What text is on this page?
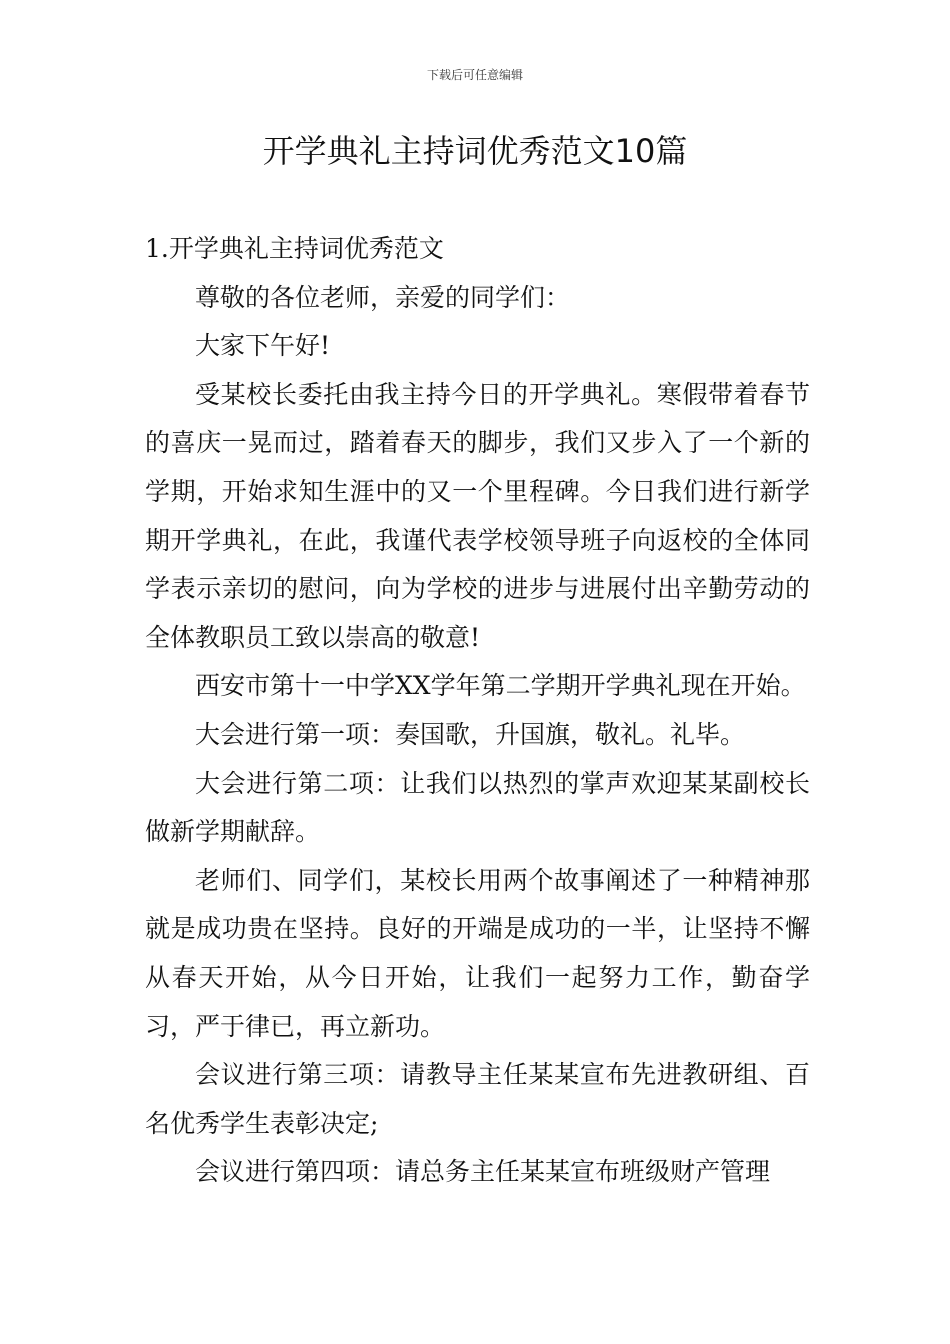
下载后可任意编辑
开学典礼主持词优秀范文10篇

1.开学典礼主持词优秀范文

尊敬的各位老师，亲爱的同学们：

大家下午好!

受某校长委托由我主持今日的开学典礼。寒假带着春节的喜庆一晃而过，踏着春天的脚步，我们又步入了一个新的学期，开始求知生涯中的又一个里程碑。今日我们进行新学期开学典礼，在此，我谨代表学校领导班子向返校的全体同学表示亲切的慰问，向为学校的进步与进展付出辛勤劳动的全体教职员工致以崇高的敬意!

西安市第十一中学XX学年第二学期开学典礼现在开始。

大会进行第一项：奏国歌，升国旗，敬礼。礼毕。

大会进行第二项：让我们以热烈的掌声欢迎某某副校长做新学期献辞。

老师们、同学们，某校长用两个故事阐述了一种精神那就是成功贵在坚持。良好的开端是成功的一半，让坚持不懈从春天开始，从今日开始，让我们一起努力工作，勤奋学习，严于律已，再立新功。

会议进行第三项：请教导主任某某宣布先进教研组、百名优秀学生表彰决定;

会议进行第四项：请总务主任某某宣布班级财产管理
